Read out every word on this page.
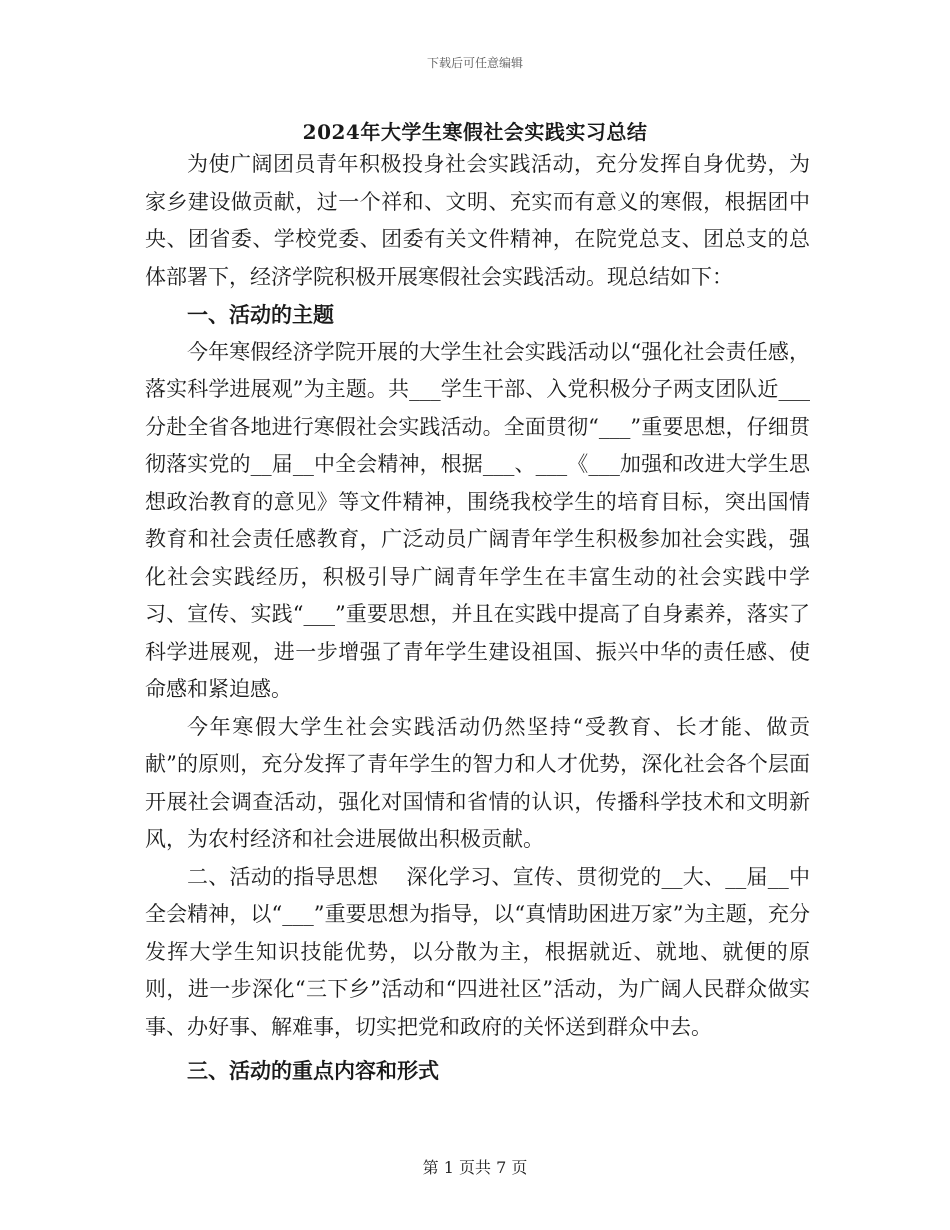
下载后可任意编辑
2024年大学生寒假社会实践实习总结

为使广阔团员青年积极投身社会实践活动，充分发挥自身优势，为家乡建设做贡献，过一个祥和、文明、充实而有意义的寒假，根据团中央、团省委、学校党委、团委有关文件精神，在院党总支、团总支的总体部署下，经济学院积极开展寒假社会实践活动。现总结如下：

一、活动的主题

今年寒假经济学院开展的大学生社会实践活动以“强化社会责任感，落实科学进展观”为主题。共___学生干部、入党积极分子两支团队近___分赴全省各地进行寒假社会实践活动。全面贯彻“___”重要思想，仔细贯彻落实党的__届__中全会精神，根据___、___《___加强和改进大学生思想政治教育的意见》等文件精神，围绕我校学生的培育目标，突出国情教育和社会责任感教育，广泛动员广阔青年学生积极参加社会实践，强化社会实践经历，积极引导广阔青年学生在丰富生动的社会实践中学习、宣传、实践“___”重要思想，并且在实践中提高了自身素养，落实了科学进展观，进一步增强了青年学生建设祖国、振兴中华的责任感、使命感和紧迫感。

今年寒假大学生社会实践活动仍然坚持“受教育、长才能、做贡献”的原则，充分发挥了青年学生的智力和人才优势，深化社会各个层面开展社会调查活动，强化对国情和省情的认识，传播科学技术和文明新风，为农村经济和社会进展做出积极贡献。

二、活动的指导思想　 深化学习、宣传、贯彻党的__大、__届__中全会精神，以“___”重要思想为指导，以“真情助困进万家”为主题，充分发挥大学生知识技能优势，以分散为主，根据就近、就地、就便的原则，进一步深化“三下乡”活动和“四进社区”活动，为广阔人民群众做实事、办好事、解难事，切实把党和政府的关怀送到群众中去。

三、活动的重点内容和形式

第 1 页共 7 页
